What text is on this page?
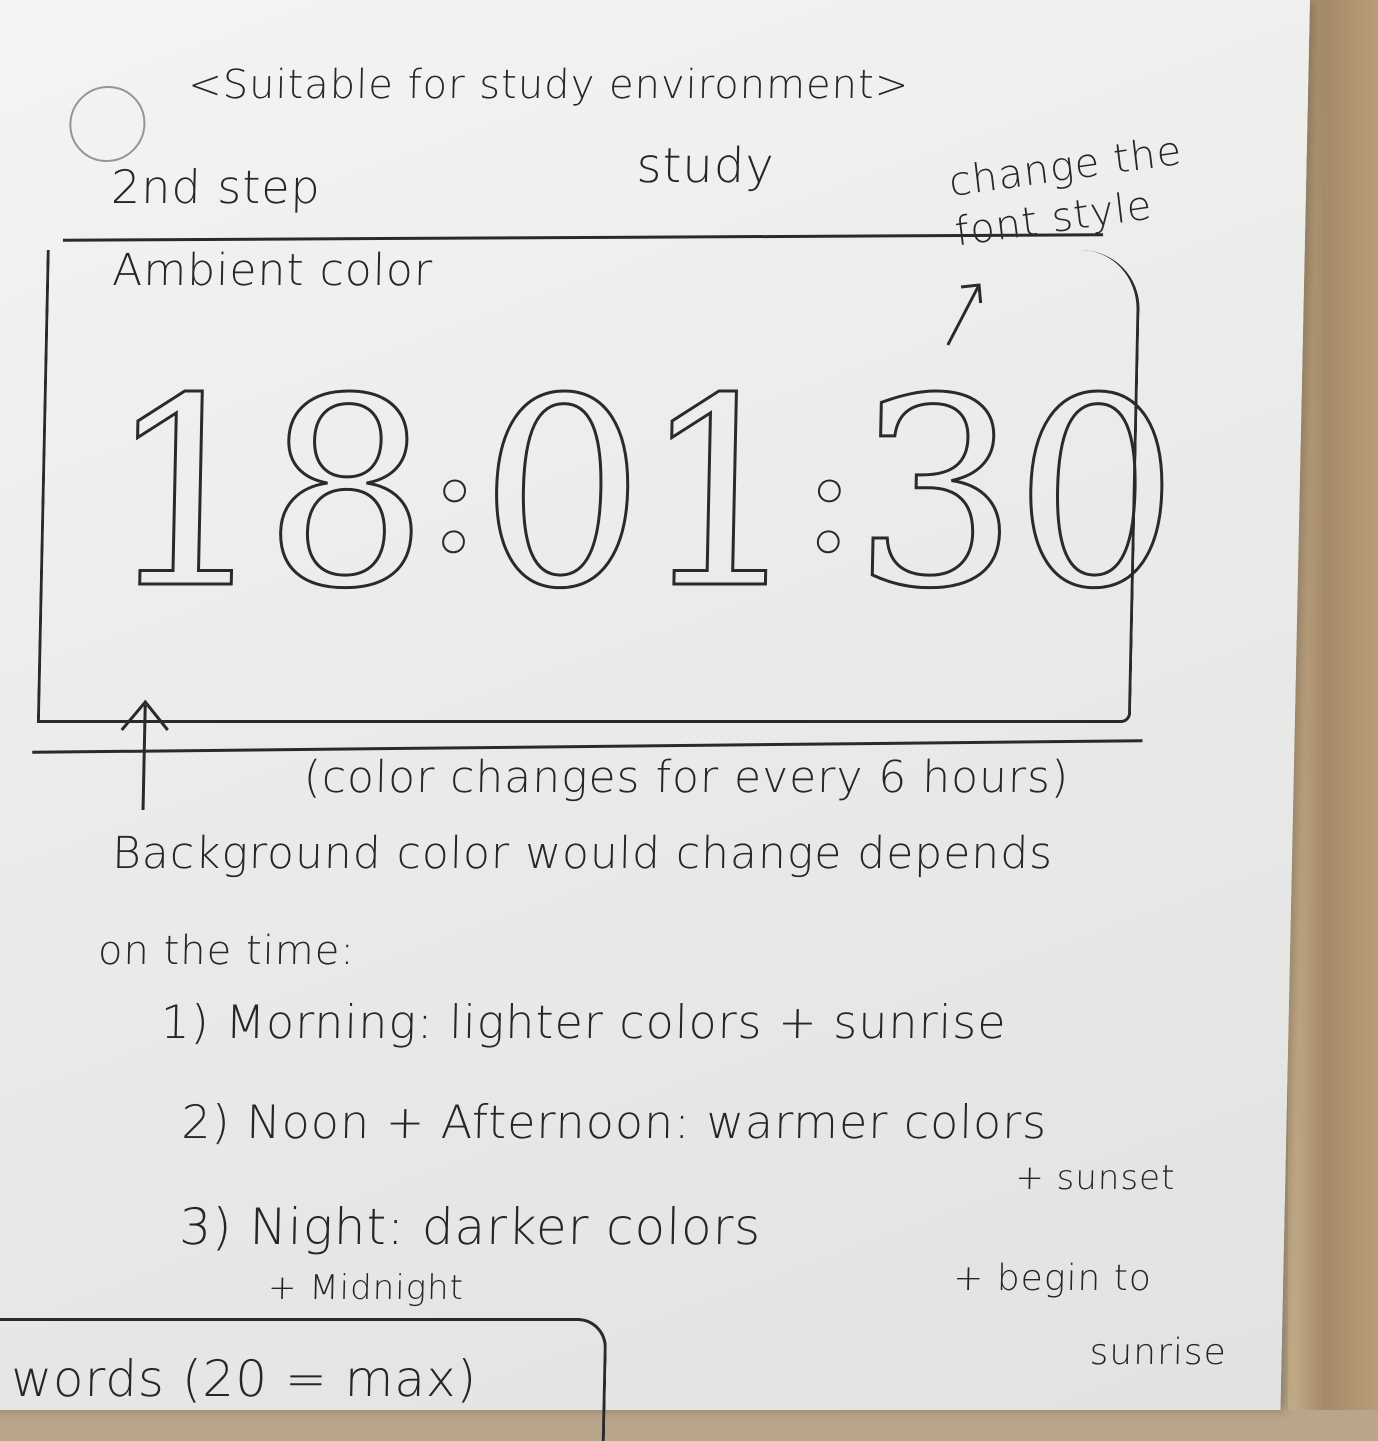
<Suitable for study environment>
2nd step	study	change the font style
Ambient color
18
:
01
:
30
(color changes for every 6 hours)
Background color would change depends
on the time:
1) Morning: lighter colors + sunrise
2) Noon + Afternoon: warmer colors
+ sunset
3) Night: darker colors
+ Midnight	+ begin to
sunrise
words (20 = max)
